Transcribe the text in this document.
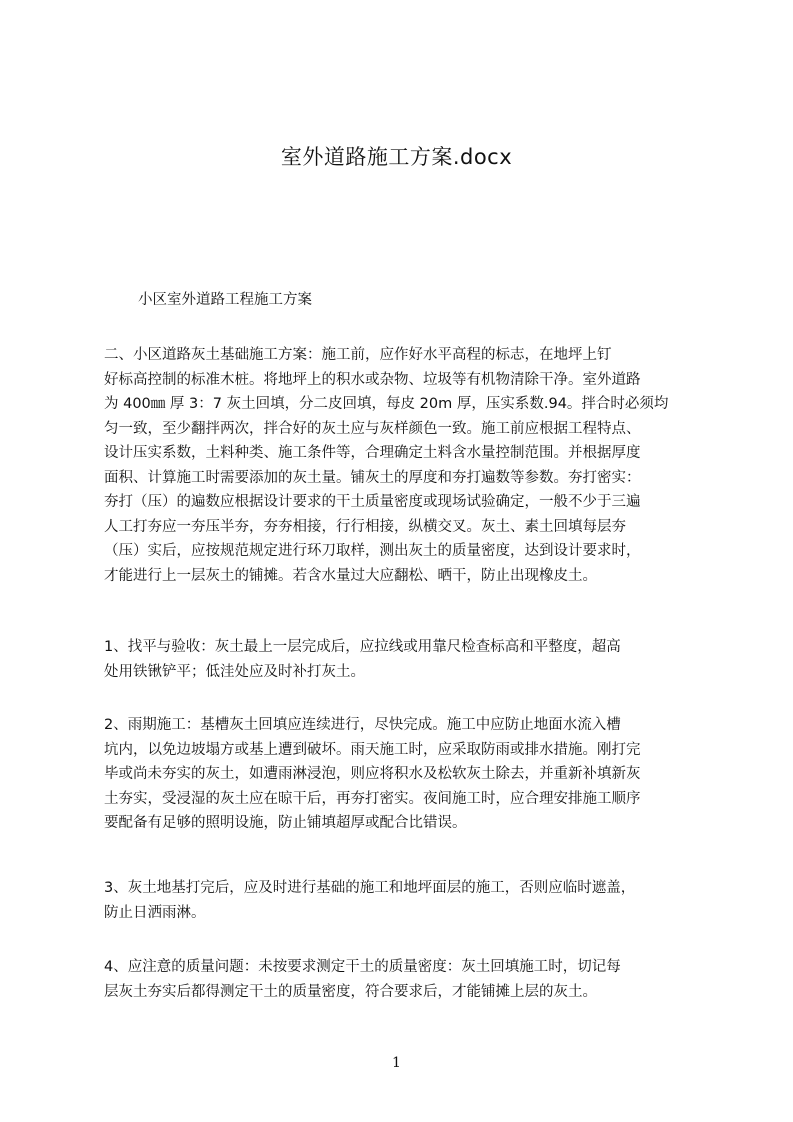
室外道路施工方案.docx
小区室外道路工程施工方案
二、小区道路灰土基础施工方案：施工前，应作好水平高程的标志，在地坪上钉
好标高控制的标准木桩。将地坪上的积水或杂物、垃圾等有机物清除干净。室外道路
为 400㎜ 厚 3：7 灰土回填，分二皮回填，每皮 20m 厚，压实系数.94。拌合时必须均
匀一致，至少翻拌两次，拌合好的灰土应与灰样颜色一致。施工前应根据工程特点、
设计压实系数，土料种类、施工条件等，合理确定土料含水量控制范围。并根据厚度
面积、计算施工时需要添加的灰土量。铺灰土的厚度和夯打遍数等参数。夯打密实：
夯打（压）的遍数应根据设计要求的干土质量密度或现场试验确定，一般不少于三遍
人工打夯应一夯压半夯，夯夯相接，行行相接，纵横交叉。灰土、素土回填每层夯
（压）实后，应按规范规定进行环刀取样，测出灰土的质量密度，达到设计要求时，
才能进行上一层灰土的铺摊。若含水量过大应翻松、晒干，防止出现橡皮土。
1、找平与验收：灰土最上一层完成后，应拉线或用靠尺检查标高和平整度，超高
处用铁锹铲平；低洼处应及时补打灰土。
2、雨期施工：基槽灰土回填应连续进行，尽快完成。施工中应防止地面水流入槽
坑内，以免边坡塌方或基上遭到破坏。雨天施工时，应采取防雨或排水措施。刚打完
毕或尚未夯实的灰土，如遭雨淋浸泡，则应将积水及松软灰土除去，并重新补填新灰
土夯实，受浸湿的灰土应在晾干后，再夯打密实。夜间施工时，应合理安排施工顺序
要配备有足够的照明设施，防止铺填超厚或配合比错误。
3、灰土地基打完后，应及时进行基础的施工和地坪面层的施工，否则应临时遮盖，
防止日洒雨淋。
4、应注意的质量问题：未按要求测定干土的质量密度：灰土回填施工时，切记每
层灰土夯实后都得测定干土的质量密度，符合要求后，才能铺摊上层的灰土。
1
